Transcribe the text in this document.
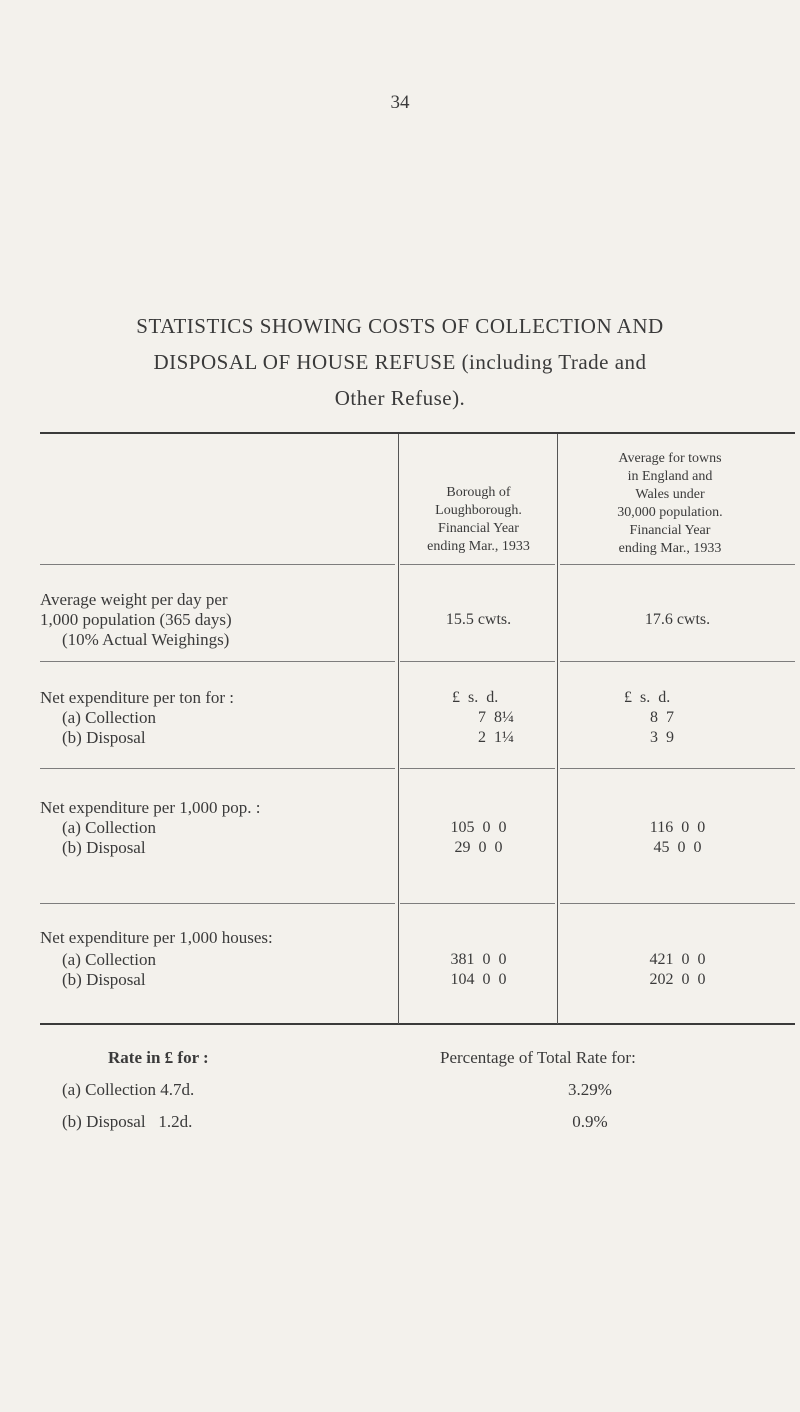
34
STATISTICS SHOWING COSTS OF COLLECTION AND
DISPOSAL OF HOUSE REFUSE (including Trade and
Other Refuse).
Borough of
Loughborough.
Financial Year
ending Mar., 1933
Average for towns
in England and
Wales under
30,000 population.
Financial Year
ending Mar., 1933
Average weight per day per
1,000 population (365 days)
(10% Actual Weighings)
15.5 cwts.	17.6 cwts.
Net expenditure per ton for :
(a) Collection
(b) Disposal
£  s.  d.
7  8¼
2  1¼
£  s.  d.
8  7
3  9
Net expenditure per 1,000 pop. :
(a) Collection
(b) Disposal
105  0  0
29  0  0
116  0  0
45  0  0
Net expenditure per 1,000 houses:
(a) Collection
(b) Disposal
381  0  0
104  0  0
421  0  0
202  0  0
Rate in £ for :
(a) Collection 4.7d.
(b) Disposal   1.2d.
Percentage of Total Rate for:
3.29%
0.9%
